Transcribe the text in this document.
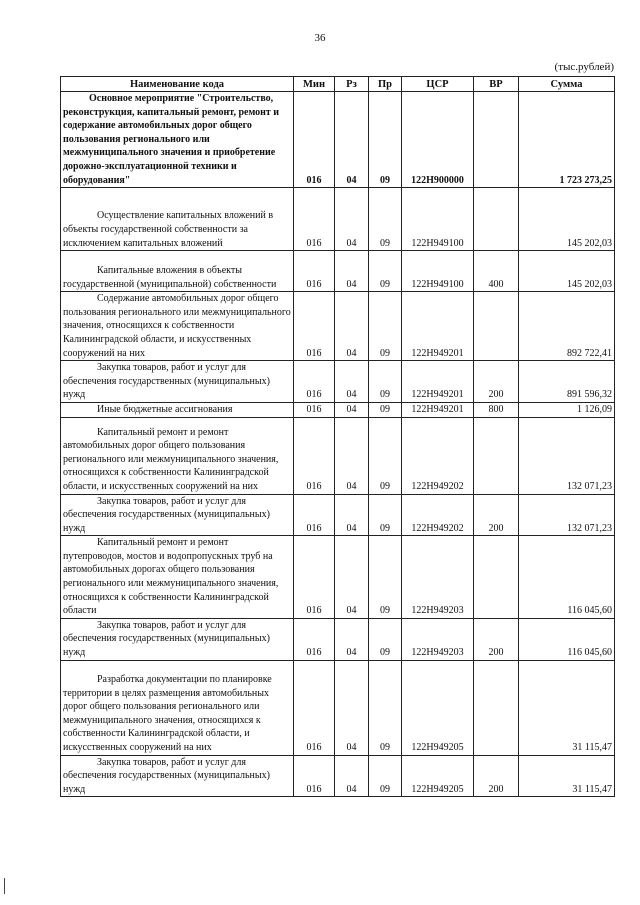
36
(тыс.рублей)
Наименование кода	Мин	Рз	Пр	ЦСР	ВР	Сумма

Основное мероприятие "Строительство, реконструкция, капитальный ремонт, ремонт и содержание автомобильных дорог общего пользования регионального или межмуниципального значения и приобретение дорожно-эксплуатационной техники и оборудования"	016	04	09	122Н900000		1 723 273,25

Осуществление капитальных вложений в объекты государственной собственности за исключением капитальных вложений	016	04	09	122Н949100		145 202,03

Капитальные вложения в объекты государственной (муниципальной) собственности	016	04	09	122Н949100	400	145 202,03

Содержание автомобильных дорог общего пользования регионального или межмуниципального значения, относящихся к собственности Калининградской области, и искусственных сооружений на них	016	04	09	122Н949201		892 722,41

Закупка товаров, работ и услуг для обеспечения государственных (муниципальных) нужд	016	04	09	122Н949201	200	891 596,32

Иные бюджетные ассигнования	016	04	09	122Н949201	800	1 126,09

Капитальный ремонт и ремонт автомобильных дорог общего пользования регионального или межмуниципального значения, относящихся к собственности Калининградской области, и искусственных сооружений на них	016	04	09	122Н949202		132 071,23

Закупка товаров, работ и услуг для обеспечения государственных (муниципальных) нужд	016	04	09	122Н949202	200	132 071,23

Капитальный ремонт и ремонт путепроводов, мостов и водопропускных труб на автомобильных дорогах общего пользования регионального или межмуниципального значения, относящихся к собственности Калининградской области	016	04	09	122Н949203		116 045,60

Закупка товаров, работ и услуг для обеспечения государственных (муниципальных) нужд	016	04	09	122Н949203	200	116 045,60

Разработка документации по планировке территории в целях размещения автомобильных дорог общего пользования регионального или межмуниципального значения, относящихся к собственности Калининградской области, и искусственных сооружений на них	016	04	09	122Н949205		31 115,47

Закупка товаров, работ и услуг для обеспечения государственных (муниципальных) нужд	016	04	09	122Н949205	200	31 115,47
